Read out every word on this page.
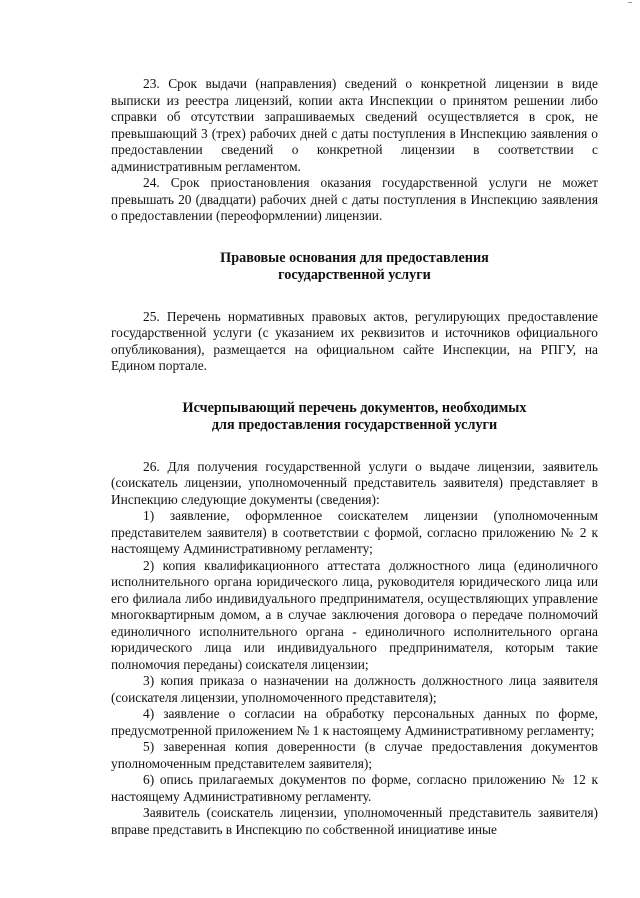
23. Срок выдачи (направления) сведений о конкретной лицензии в виде выписки из реестра лицензий, копии акта Инспекции о принятом решении либо справки об отсутствии запрашиваемых сведений осуществляется в срок, не превышающий 3 (трех) рабочих дней с даты поступления в Инспекцию заявления о предоставлении сведений о конкретной лицензии в соответствии с административным регламентом.

24. Срок приостановления оказания государственной услуги не может превышать 20 (двадцати) рабочих дней с даты поступления в Инспекцию заявления о предоставлении (переоформлении) лицензии.

Правовые основания для предоставления

государственной услуги

25. Перечень нормативных правовых актов, регулирующих предоставление государственной услуги (с указанием их реквизитов и источников официального опубликования), размещается на официальном сайте Инспекции, на РПГУ, на Едином портале.

Исчерпывающий перечень документов, необходимых

для предоставления государственной услуги

26. Для получения государственной услуги о выдаче лицензии, заявитель (соискатель лицензии, уполномоченный представитель заявителя) представляет в Инспекцию следующие документы (сведения):

1) заявление, оформленное соискателем лицензии (уполномоченным представителем заявителя) в соответствии с формой, согласно приложению № 2 к настоящему Административному регламенту;

2) копия квалификационного аттестата должностного лица (единоличного исполнительного органа юридического лица, руководителя юридического лица или его филиала либо индивидуального предпринимателя, осуществляющих управление многоквартирным домом, а в случае заключения договора о передаче полномочий единоличного исполнительного органа - единоличного исполнительного органа юридического лица или индивидуального предпринимателя, которым такие полномочия переданы) соискателя лицензии;

3) копия приказа о назначении на должность должностного лица заявителя (соискателя лицензии, уполномоченного представителя);

4) заявление о согласии на обработку персональных данных по форме, предусмотренной приложением № 1 к настоящему Административному регламенту;

5) заверенная копия доверенности (в случае предоставления документов уполномоченным представителем заявителя);

6) опись прилагаемых документов по форме, согласно приложению № 12 к настоящему Административному регламенту.

Заявитель (соискатель лицензии, уполномоченный представитель заявителя) вправе представить в Инспекцию по собственной инициативе иные
